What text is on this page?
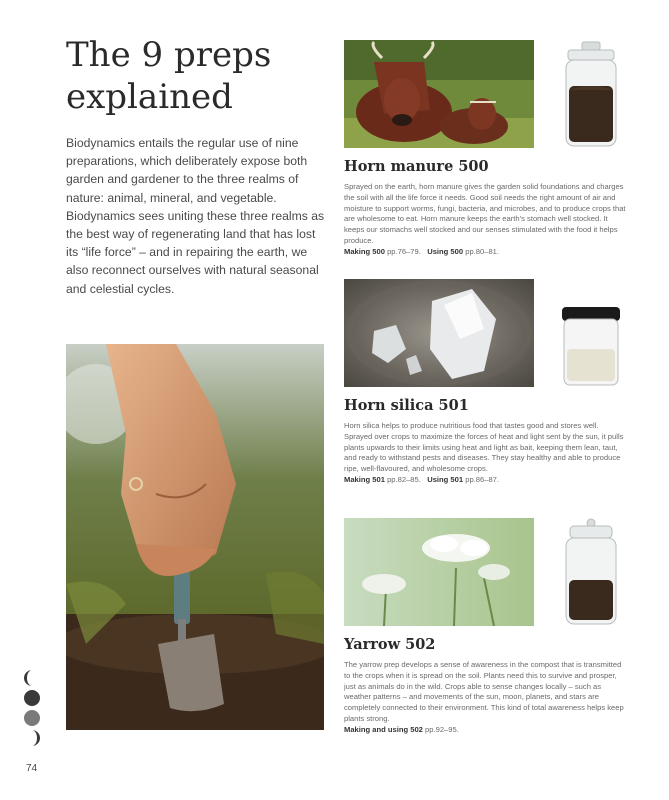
The 9 preps
explained

Biodynamics entails the regular use of nine preparations, which deliberately expose both garden and gardener to the three realms of nature: animal, mineral, and vegetable. Biodynamics sees uniting these three realms as the best way of regenerating land that has lost its “life force” – and in repairing the earth, we also reconnect ourselves with natural seasonal and celestial cycles.

74
Horn manure 500

Sprayed on the earth, horn manure gives the garden solid foundations and charges the soil with all the life force it needs. Good soil needs the right amount of air and moisture to support worms, fungi, bacteria, and microbes, and to produce crops that are wholesome to eat. Horn manure keeps the earth’s stomach well stocked. It keeps our stomachs well stocked and our senses stimulated with the food it helps produce.
Making 500 pp.76–79. Using 500 pp.80–81.

Horn silica 501

Horn silica helps to produce nutritious food that tastes good and stores well. Sprayed over crops to maximize the forces of heat and light sent by the sun, it pulls plants upwards to their limits using heat and light as bait, keeping them lean, taut, and ready to withstand pests and diseases. They stay healthy and able to produce ripe, well-flavoured, and wholesome crops.
Making 501 pp.82–85. Using 501 pp.86–87.

Yarrow 502

The yarrow prep develops a sense of awareness in the compost that is transmitted to the crops when it is spread on the soil. Plants need this to survive and prosper, just as animals do in the wild. Crops able to sense changes locally – such as weather patterns – and movements of the sun, moon, planets, and stars are completely connected to their environment. This kind of total awareness helps keep plants strong.
Making and using 502 pp.92–95.
